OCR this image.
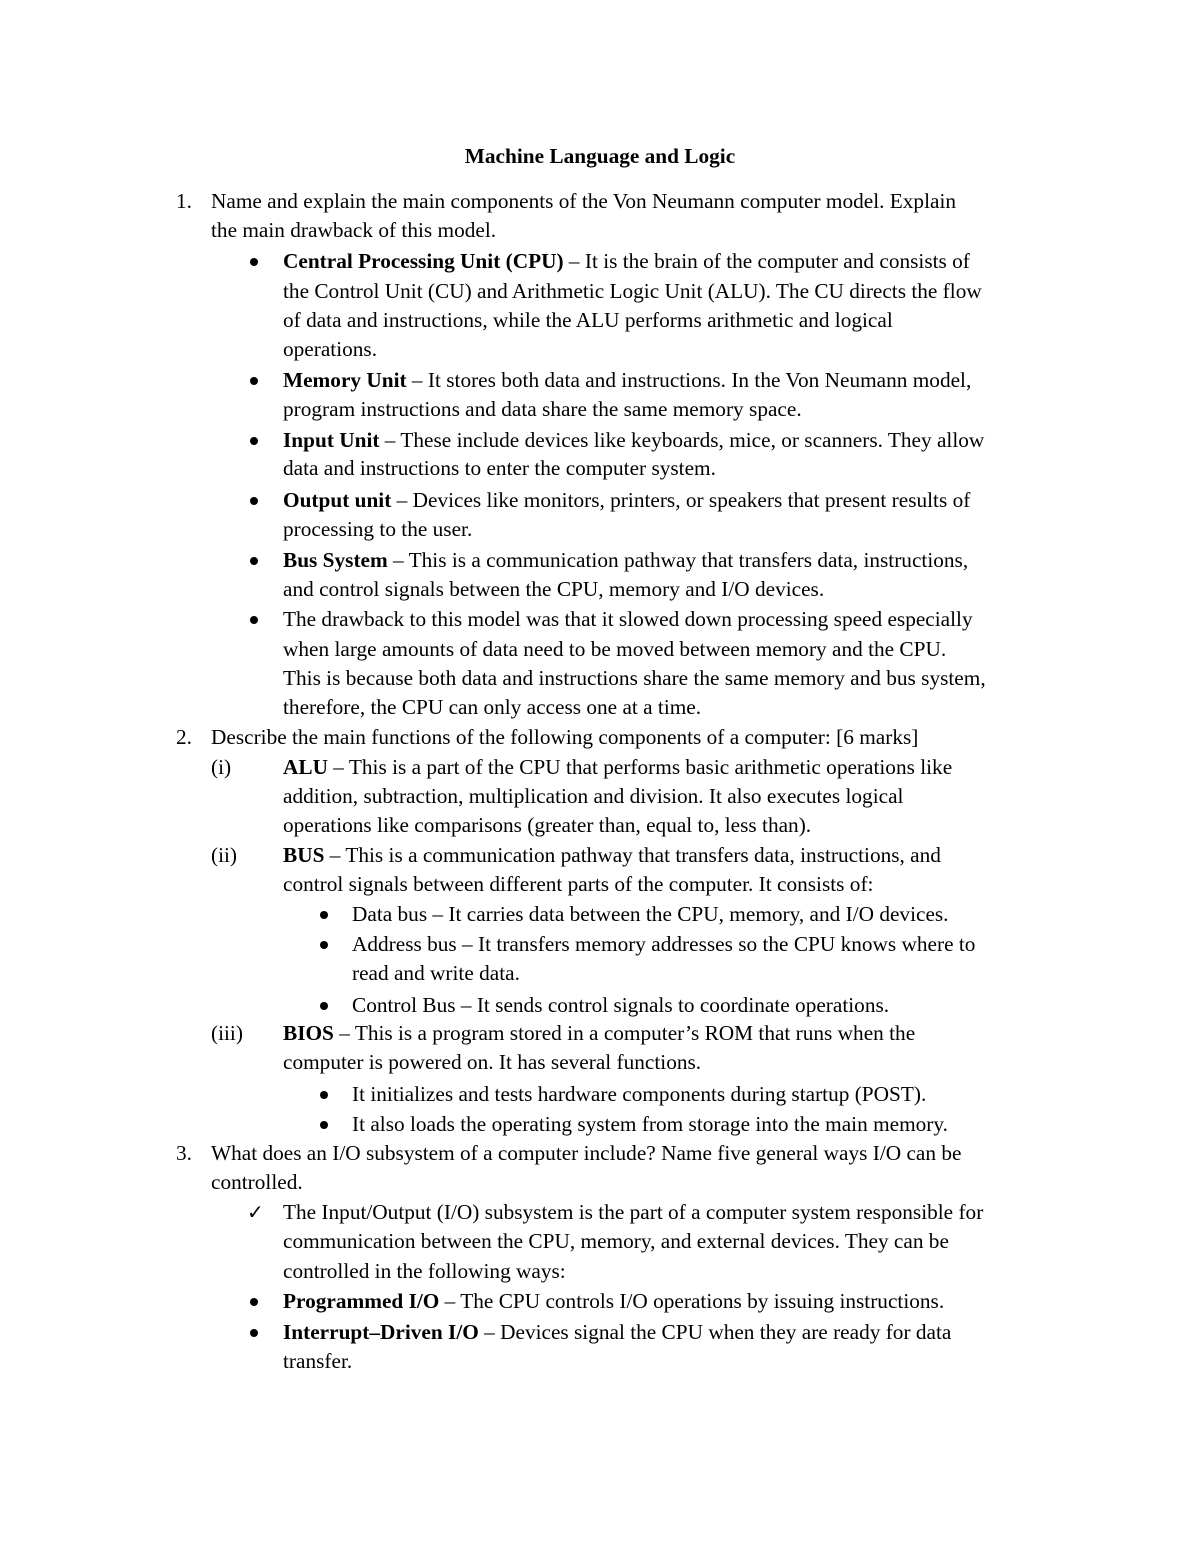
Machine Language and Logic
1. Name and explain the main components of the Von Neumann computer model. Explain
the main drawback of this model.
Central Processing Unit (CPU) – It is the brain of the computer and consists of
the Control Unit (CU) and Arithmetic Logic Unit (ALU). The CU directs the flow
of data and instructions, while the ALU performs arithmetic and logical
operations.
Memory Unit – It stores both data and instructions. In the Von Neumann model,
program instructions and data share the same memory space.
Input Unit – These include devices like keyboards, mice, or scanners. They allow
data and instructions to enter the computer system.
Output unit – Devices like monitors, printers, or speakers that present results of
processing to the user.
Bus System – This is a communication pathway that transfers data, instructions,
and control signals between the CPU, memory and I/O devices.
The drawback to this model was that it slowed down processing speed especially
when large amounts of data need to be moved between memory and the CPU.
This is because both data and instructions share the same memory and bus system,
therefore, the CPU can only access one at a time.
2. Describe the main functions of the following components of a computer: [6 marks]
(i) ALU – This is a part of the CPU that performs basic arithmetic operations like
addition, subtraction, multiplication and division. It also executes logical
operations like comparisons (greater than, equal to, less than).
(ii) BUS – This is a communication pathway that transfers data, instructions, and
control signals between different parts of the computer. It consists of:
Data bus – It carries data between the CPU, memory, and I/O devices.
Address bus – It transfers memory addresses so the CPU knows where to
read and write data.
Control Bus – It sends control signals to coordinate operations.
(iii) BIOS – This is a program stored in a computer’s ROM that runs when the
computer is powered on. It has several functions.
It initializes and tests hardware components during startup (POST).
It also loads the operating system from storage into the main memory.
3. What does an I/O subsystem of a computer include? Name five general ways I/O can be
controlled.
✓ The Input/Output (I/O) subsystem is the part of a computer system responsible for
communication between the CPU, memory, and external devices. They can be
controlled in the following ways:
Programmed I/O – The CPU controls I/O operations by issuing instructions.
Interrupt–Driven I/O – Devices signal the CPU when they are ready for data
transfer.
